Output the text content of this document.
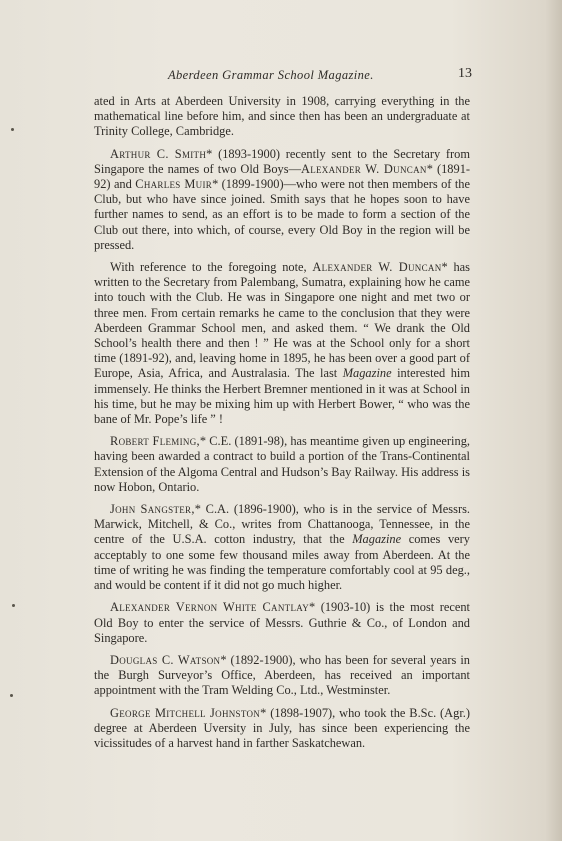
Aberdeen Grammar School Magazine.	13

ated in Arts at Aberdeen University in 1908, carrying everything in the mathematical line before him, and since then has been an undergraduate at Trinity College, Cambridge.

Arthur C. Smith* (1893-1900) recently sent to the Secretary from Singapore the names of two Old Boys—Alexander W. Duncan* (1891-92) and Charles Muir* (1899-1900)—who were not then members of the Club, but who have since joined. Smith says that he hopes soon to have further names to send, as an effort is to be made to form a section of the Club out there, into which, of course, every Old Boy in the region will be pressed.

With reference to the foregoing note, Alexander W. Duncan* has written to the Secretary from Palembang, Sumatra, explaining how he came into touch with the Club. He was in Singapore one night and met two or three men. From certain remarks he came to the conclusion that they were Aberdeen Grammar School men, and asked them. “ We drank the Old School’s health there and then ! ” He was at the School only for a short time (1891-92), and, leaving home in 1895, he has been over a good part of Europe, Asia, Africa, and Australasia. The last Magazine interested him immensely. He thinks the Herbert Bremner mentioned in it was at School in his time, but he may be mixing him up with Herbert Bower, “ who was the bane of Mr. Pope’s life ” !

Robert Fleming,* C.E. (1891-98), has meantime given up engineering, having been awarded a contract to build a portion of the Trans-Continental Extension of the Algoma Central and Hudson’s Bay Railway. His address is now Hobon, Ontario.

John Sangster,* C.A. (1896-1900), who is in the service of Messrs. Marwick, Mitchell, & Co., writes from Chattanooga, Tennessee, in the centre of the U.S.A. cotton industry, that the Magazine comes very acceptably to one some few thousand miles away from Aberdeen. At the time of writing he was finding the temperature comfortably cool at 95 deg., and would be content if it did not go much higher.

Alexander Vernon White Cantlay* (1903-10) is the most recent Old Boy to enter the service of Messrs. Guthrie & Co., of London and Singapore.

Douglas C. Watson* (1892-1900), who has been for several years in the Burgh Surveyor’s Office, Aberdeen, has received an important appointment with the Tram Welding Co., Ltd., Westminster.

George Mitchell Johnston* (1898-1907), who took the B.Sc. (Agr.) degree at Aberdeen Uversity in July, has since been experiencing the vicissitudes of a harvest hand in farther Saskatchewan.
